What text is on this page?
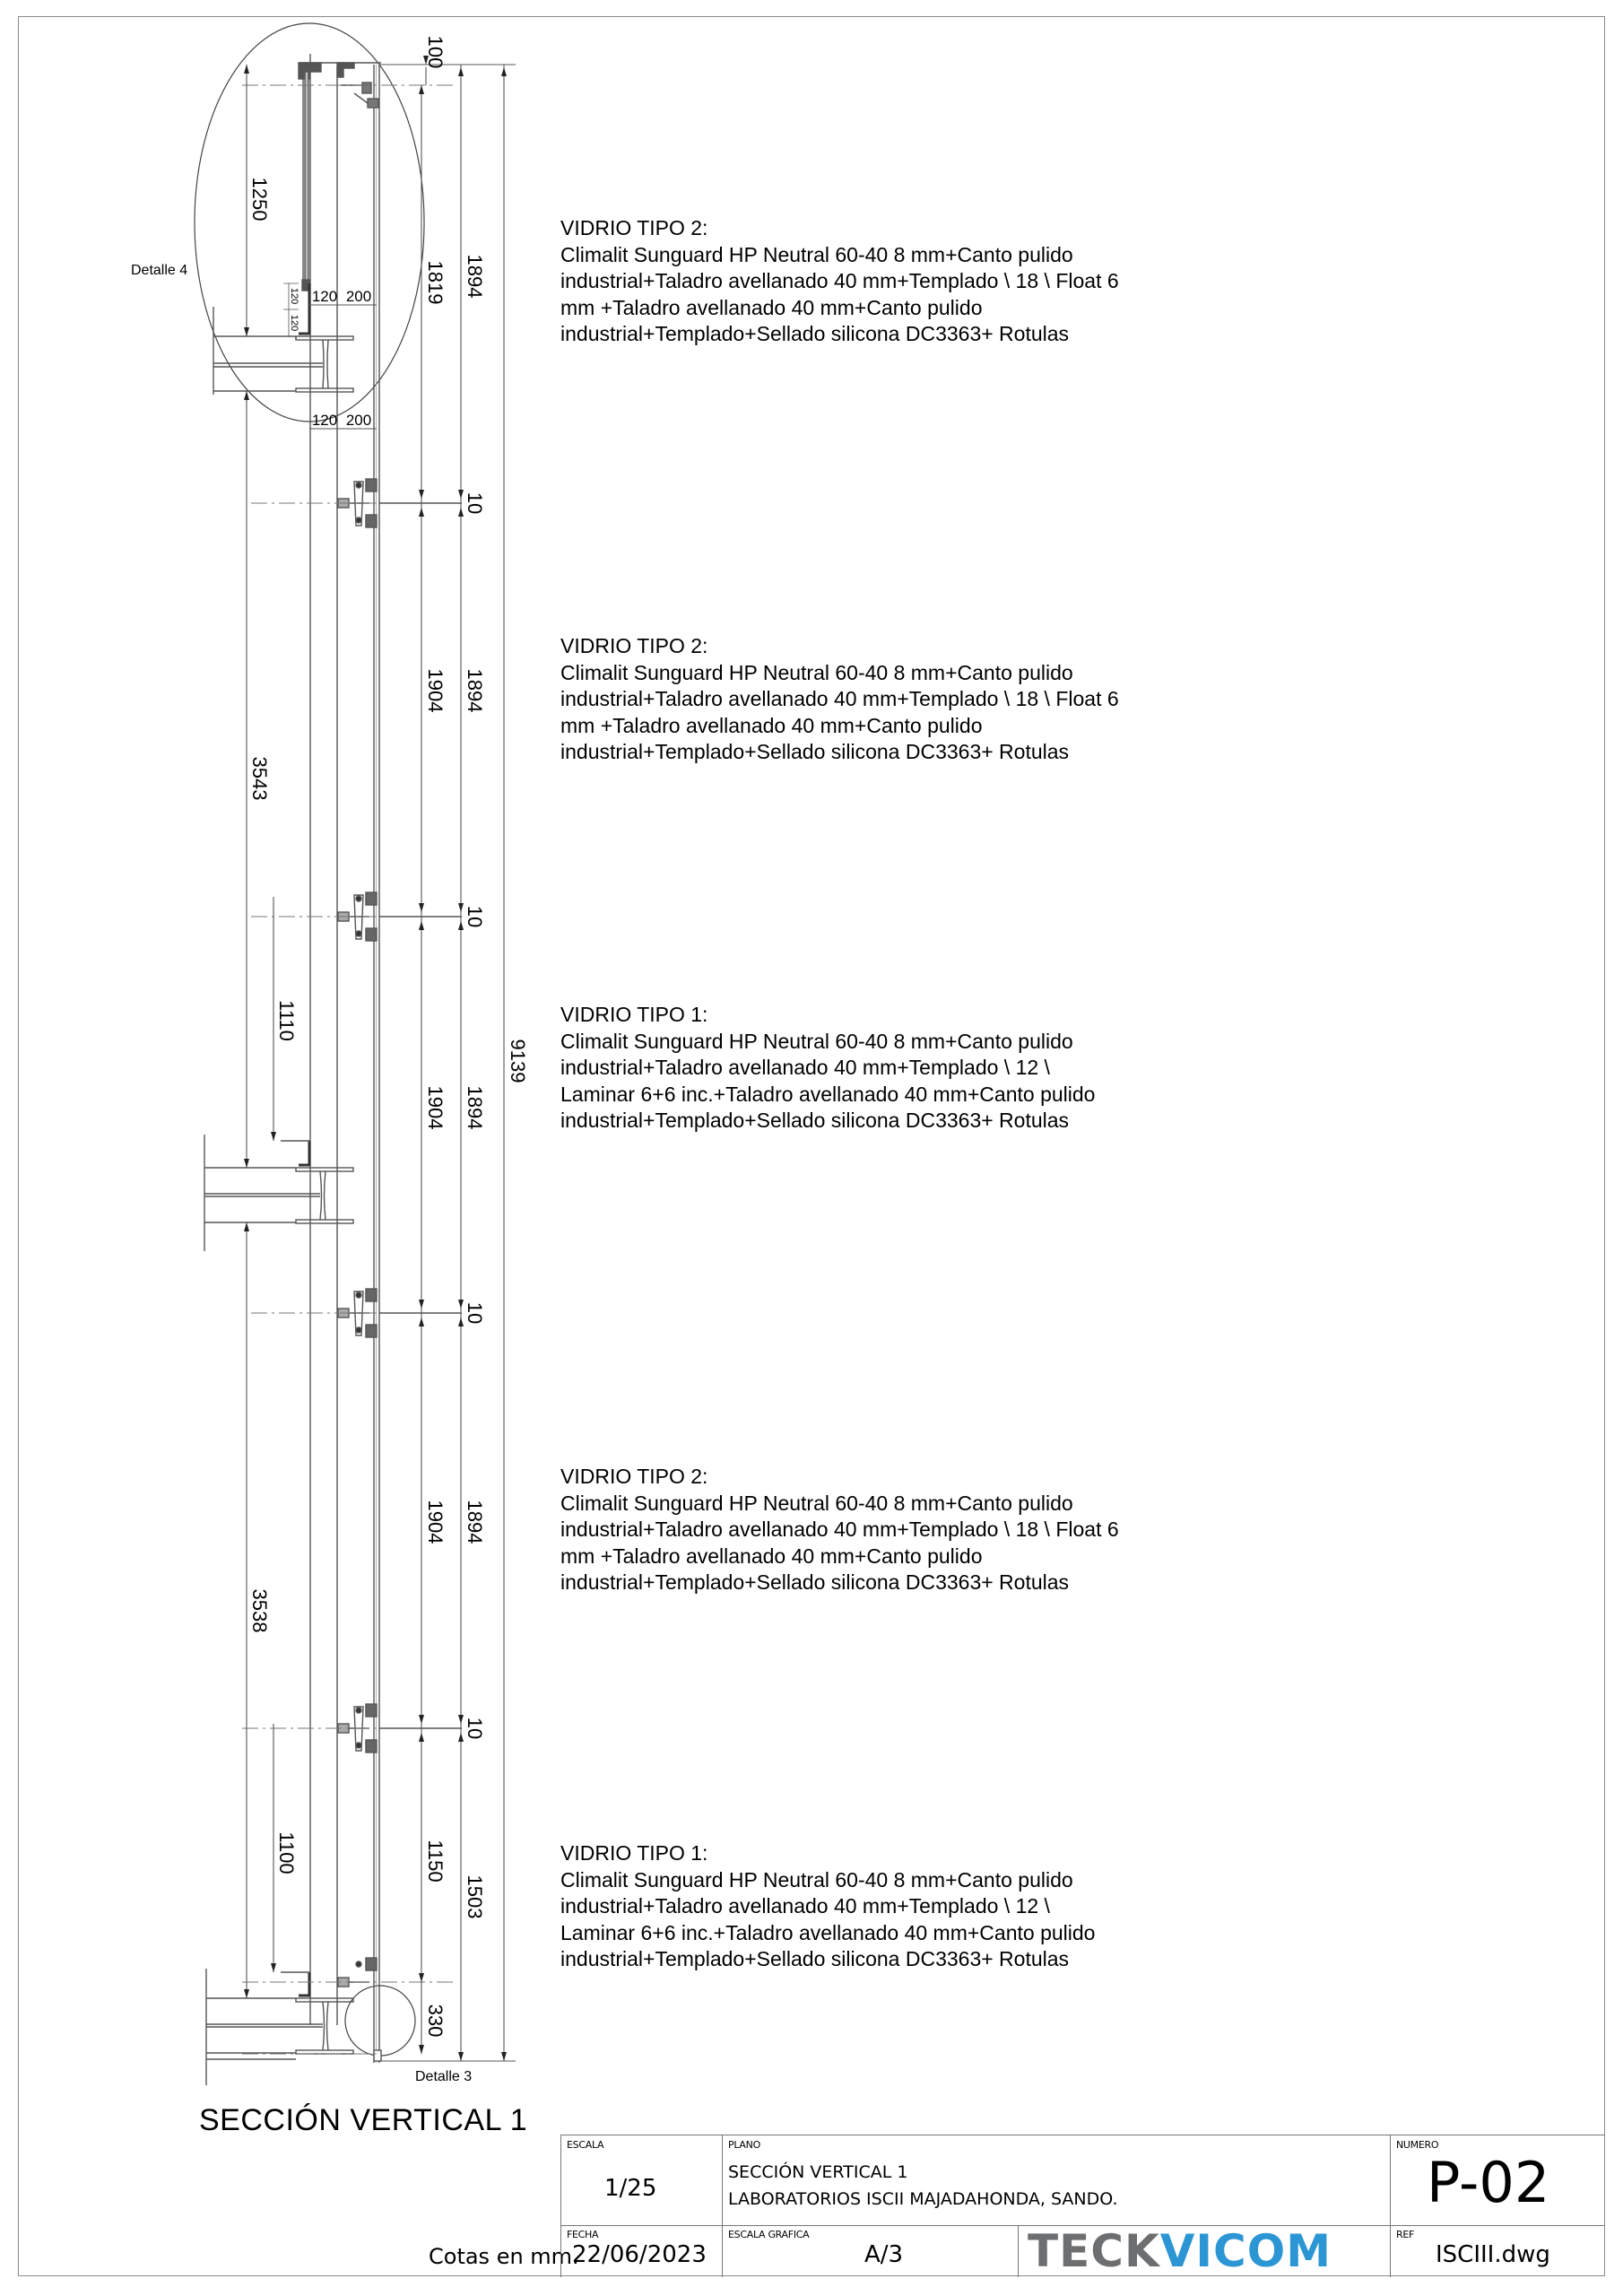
100
1250
1819 1894
10
1904 1894
3543
10
1110
9139
1904 1894
10
1904 1894
3538
10
1100	1150
1503
330
120 200
120 200
120
120
Detalle 4
Detalle 3
VIDRIO TIPO 2:
Climalit Sunguard HP Neutral 60-40 8 mm+Canto pulido
industrial+Taladro avellanado 40 mm+Templado \ 18 \ Float 6
mm +Taladro avellanado 40 mm+Canto pulido
industrial+Templado+Sellado silicona DC3363+ Rotulas
VIDRIO TIPO 2:
Climalit Sunguard HP Neutral 60-40 8 mm+Canto pulido
industrial+Taladro avellanado 40 mm+Templado \ 18 \ Float 6
mm +Taladro avellanado 40 mm+Canto pulido
industrial+Templado+Sellado silicona DC3363+ Rotulas
VIDRIO TIPO 1:
Climalit Sunguard HP Neutral 60-40 8 mm+Canto pulido
industrial+Taladro avellanado 40 mm+Templado \ 12 \
Laminar 6+6 inc.+Taladro avellanado 40 mm+Canto pulido
industrial+Templado+Sellado silicona DC3363+ Rotulas
VIDRIO TIPO 2:
Climalit Sunguard HP Neutral 60-40 8 mm+Canto pulido
industrial+Taladro avellanado 40 mm+Templado \ 18 \ Float 6
mm +Taladro avellanado 40 mm+Canto pulido
industrial+Templado+Sellado silicona DC3363+ Rotulas
VIDRIO TIPO 1:
Climalit Sunguard HP Neutral 60-40 8 mm+Canto pulido
industrial+Taladro avellanado 40 mm+Templado \ 12 \
Laminar 6+6 inc.+Taladro avellanado 40 mm+Canto pulido
industrial+Templado+Sellado silicona DC3363+ Rotulas
SECCIÓN VERTICAL 1
Cotas en mm.
ESCALA
1/25
PLANO
SECCIÓN VERTICAL 1
LABORATORIOS ISCII MAJADAHONDA, SANDO.
NUMERO
P-02
FECHA
22/06/2023
ESCALA GRAFICA
A/3	TECKVICOM	REF
ISCIII.dwg
